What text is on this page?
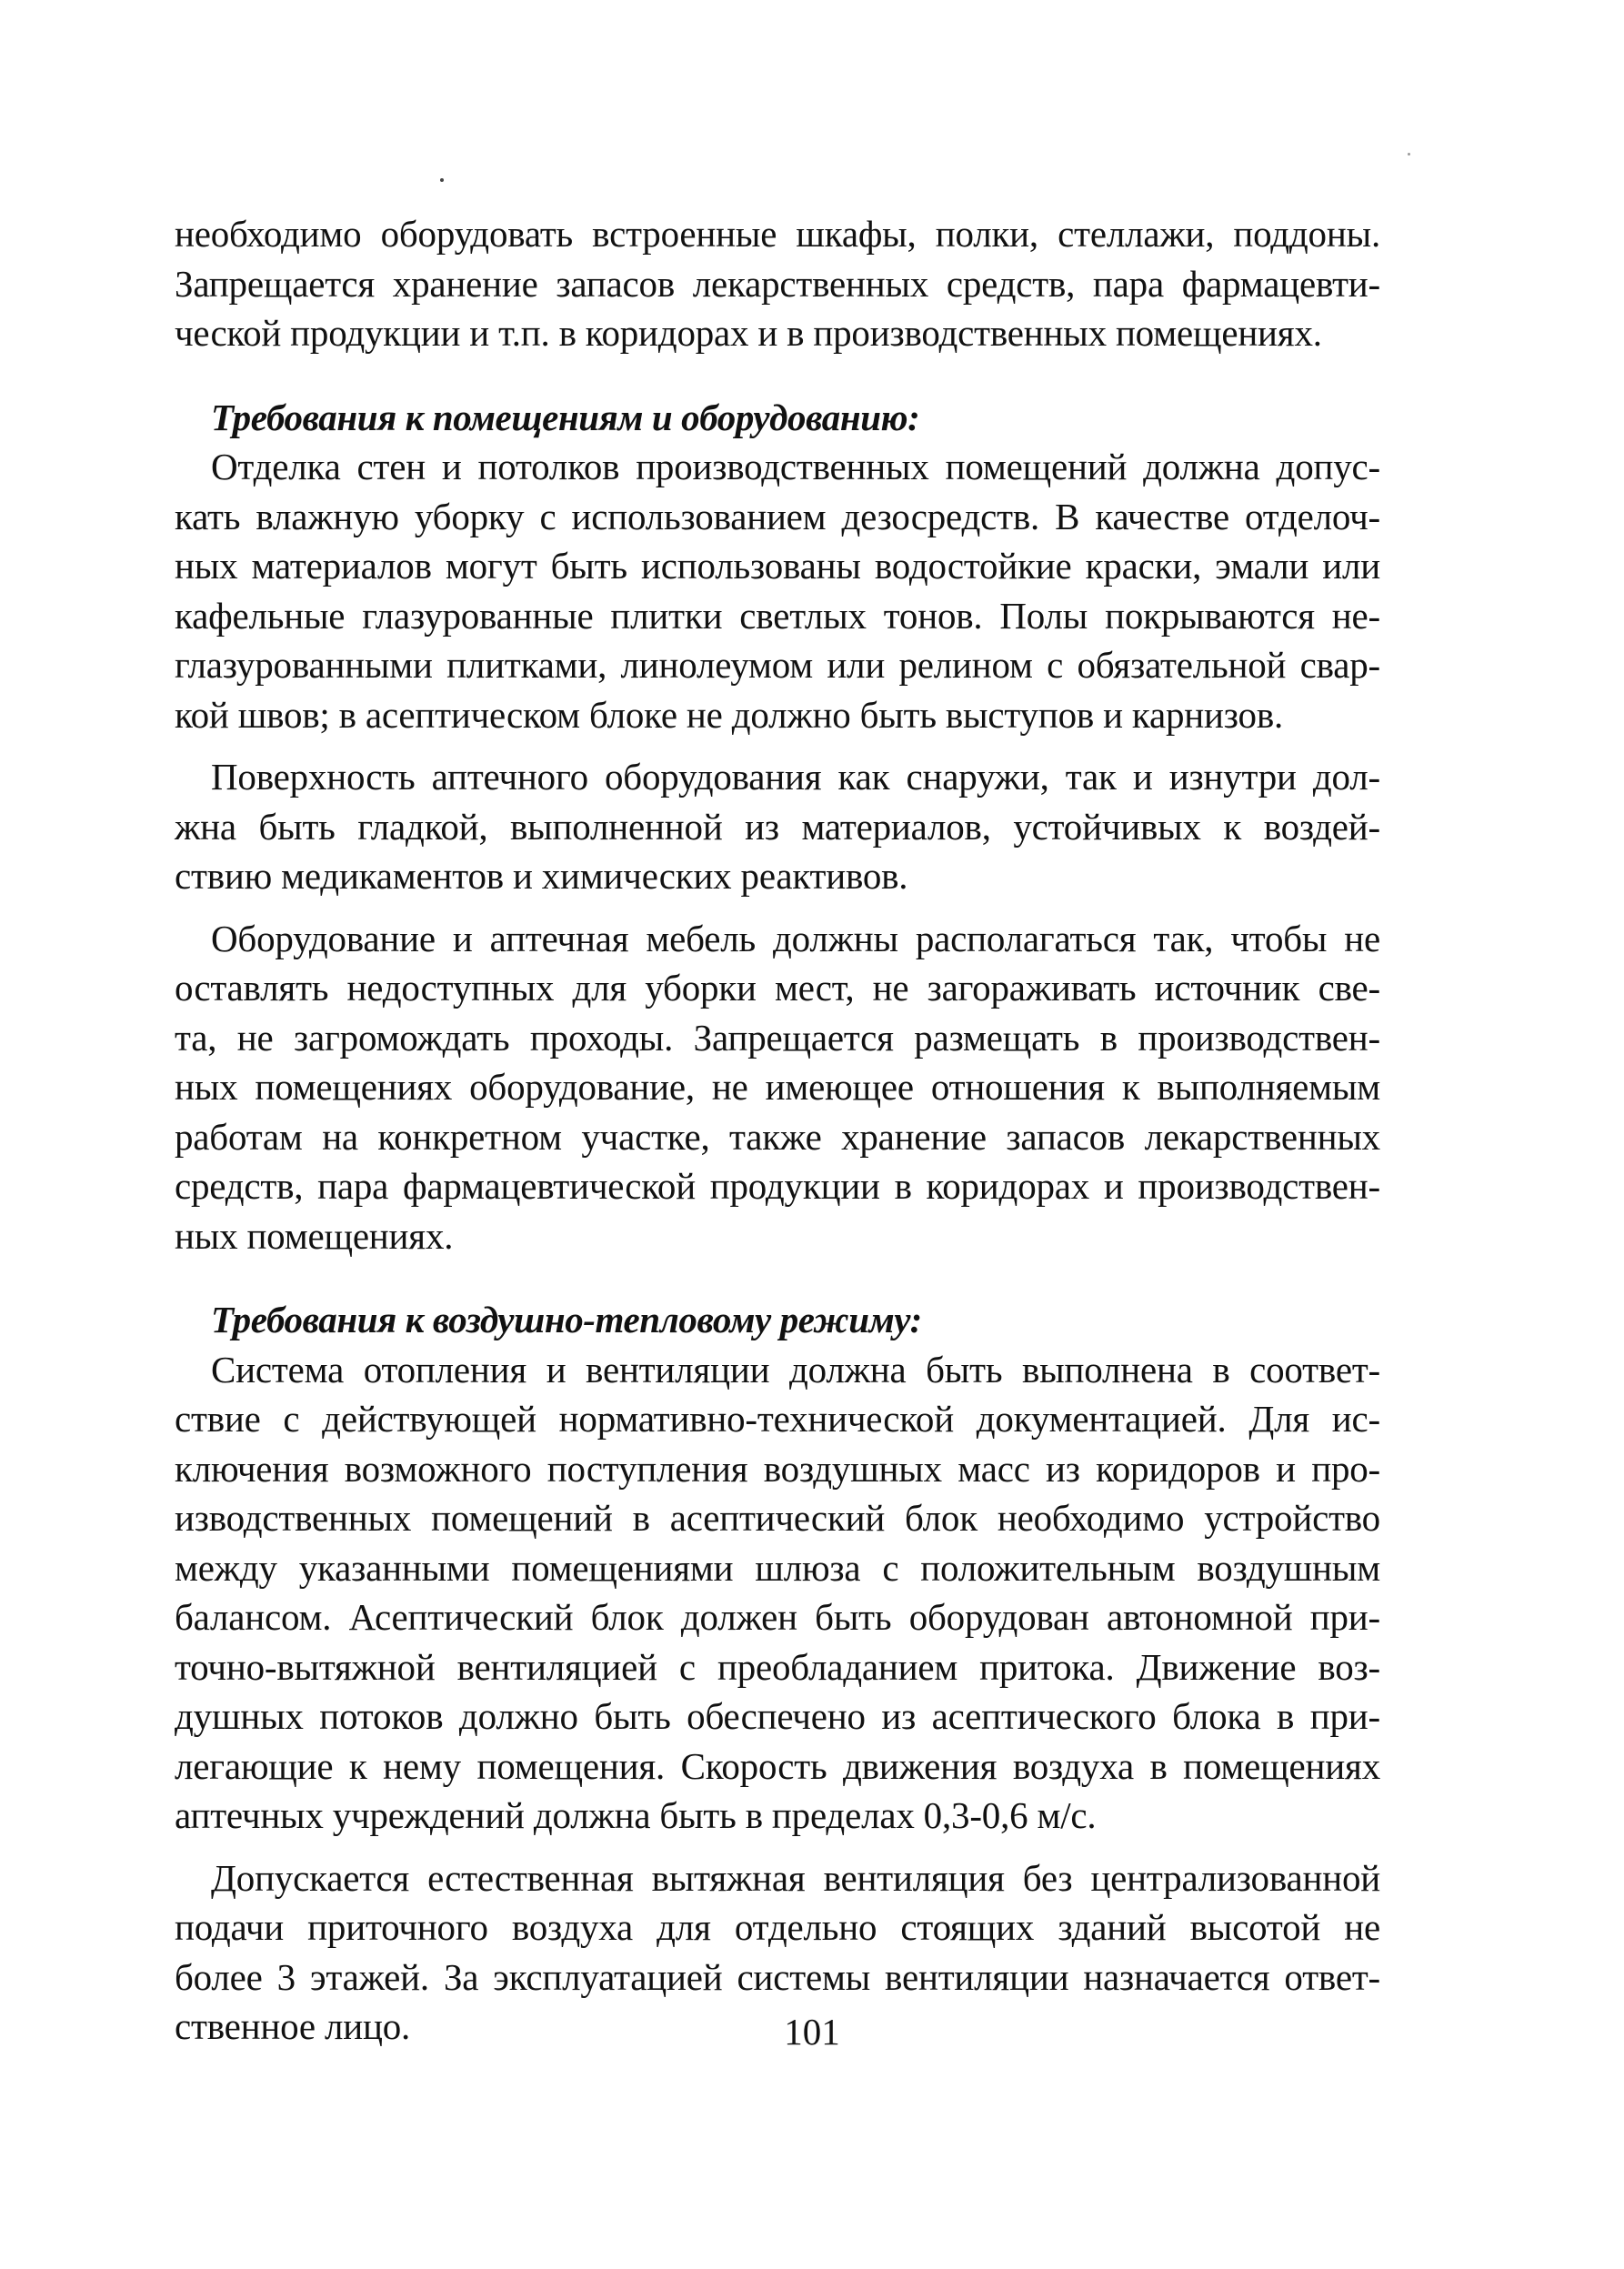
необходимо оборудовать встроенные шкафы, полки, стеллажи, поддоны.
Запрещается хранение запасов лекарственных средств, пара фармацевти-
ческой продукции и т.п. в коридорах и в производственных помещениях.
Требования к помещениям и оборудованию:
Отделка стен и потолков производственных помещений должна допус-
кать влажную уборку с использованием дезосредств. В качестве отделоч-
ных материалов могут быть использованы водостойкие краски, эмали или
кафельные глазурованные плитки светлых тонов. Полы покрываются не-
глазурованными плитками, линолеумом или релином с обязательной свар-
кой швов; в асептическом блоке не должно быть выступов и карнизов.
Поверхность аптечного оборудования как снаружи, так и изнутри дол-
жна быть гладкой, выполненной из материалов, устойчивых к воздей-
ствию медикаментов и химических реактивов.
Оборудование и аптечная мебель должны располагаться так, чтобы не
оставлять недоступных для уборки мест, не загораживать источник све-
та, не загромождать проходы. Запрещается размещать в производствен-
ных помещениях оборудование, не имеющее отношения к выполняемым
работам на конкретном участке, также хранение запасов лекарственных
средств, пара фармацевтической продукции в коридорах и производствен-
ных помещениях.
Требования к воздушно-тепловому режиму:
Система отопления и вентиляции должна быть выполнена в соответ-
ствие с действующей нормативно-технической документацией. Для ис-
ключения возможного поступления воздушных масс из коридоров и про-
изводственных помещений в асептический блок необходимо устройство
между указанными помещениями шлюза с положительным воздушным
балансом. Асептический блок должен быть оборудован автономной при-
точно-вытяжной вентиляцией с преобладанием притока. Движение воз-
душных потоков должно быть обеспечено из асептического блока в при-
легающие к нему помещения. Скорость движения воздуха в помещениях
аптечных учреждений должна быть в пределах 0,3-0,6 м/с.
Допускается естественная вытяжная вентиляция без централизованной
подачи приточного воздуха для отдельно стоящих зданий высотой не
более 3 этажей. За эксплуатацией системы вентиляции назначается ответ-
ственное лицо.	101
